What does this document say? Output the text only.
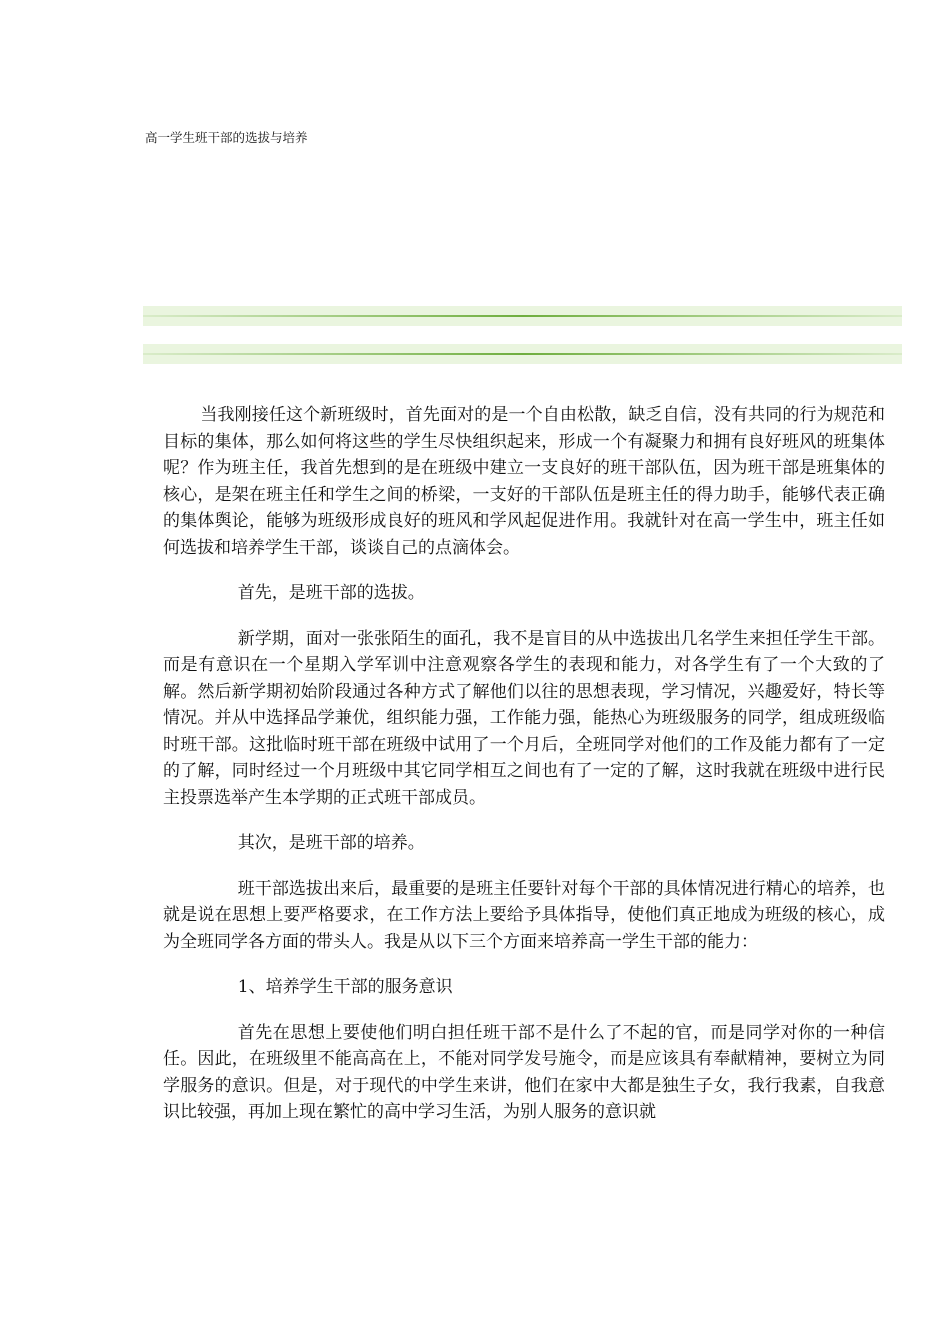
高一学生班干部的选拔与培养

当我刚接任这个新班级时，首先面对的是一个自由松散，缺乏自信，没有共同的行为规范和目标的集体，那么如何将这些的学生尽快组织起来，形成一个有凝聚力和拥有良好班风的班集体呢？作为班主任，我首先想到的是在班级中建立一支良好的班干部队伍，因为班干部是班集体的核心，是架在班主任和学生之间的桥梁，一支好的干部队伍是班主任的得力助手，能够代表正确的集体舆论，能够为班级形成良好的班风和学风起促进作用。我就针对在高一学生中，班主任如何选拔和培养学生干部，谈谈自己的点滴体会。

首先，是班干部的选拔。

新学期，面对一张张陌生的面孔，我不是盲目的从中选拔出几名学生来担任学生干部。而是有意识在一个星期入学军训中注意观察各学生的表现和能力，对各学生有了一个大致的了解。然后新学期初始阶段通过各种方式了解他们以往的思想表现，学习情况，兴趣爱好，特长等情况。并从中选择品学兼优，组织能力强，工作能力强，能热心为班级服务的同学，组成班级临时班干部。这批临时班干部在班级中试用了一个月后，全班同学对他们的工作及能力都有了一定的了解，同时经过一个月班级中其它同学相互之间也有了一定的了解，这时我就在班级中进行民主投票选举产生本学期的正式班干部成员。

其次，是班干部的培养。

班干部选拔出来后，最重要的是班主任要针对每个干部的具体情况进行精心的培养，也就是说在思想上要严格要求，在工作方法上要给予具体指导，使他们真正地成为班级的核心，成为全班同学各方面的带头人。我是从以下三个方面来培养高一学生干部的能力：

1、培养学生干部的服务意识

首先在思想上要使他们明白担任班干部不是什么了不起的官，而是同学对你的一种信任。因此，在班级里不能高高在上，不能对同学发号施令，而是应该具有奉献精神，要树立为同学服务的意识。但是，对于现代的中学生来讲，他们在家中大都是独生子女，我行我素，自我意识比较强，再加上现在繁忙的高中学习生活，为别人服务的意识就
